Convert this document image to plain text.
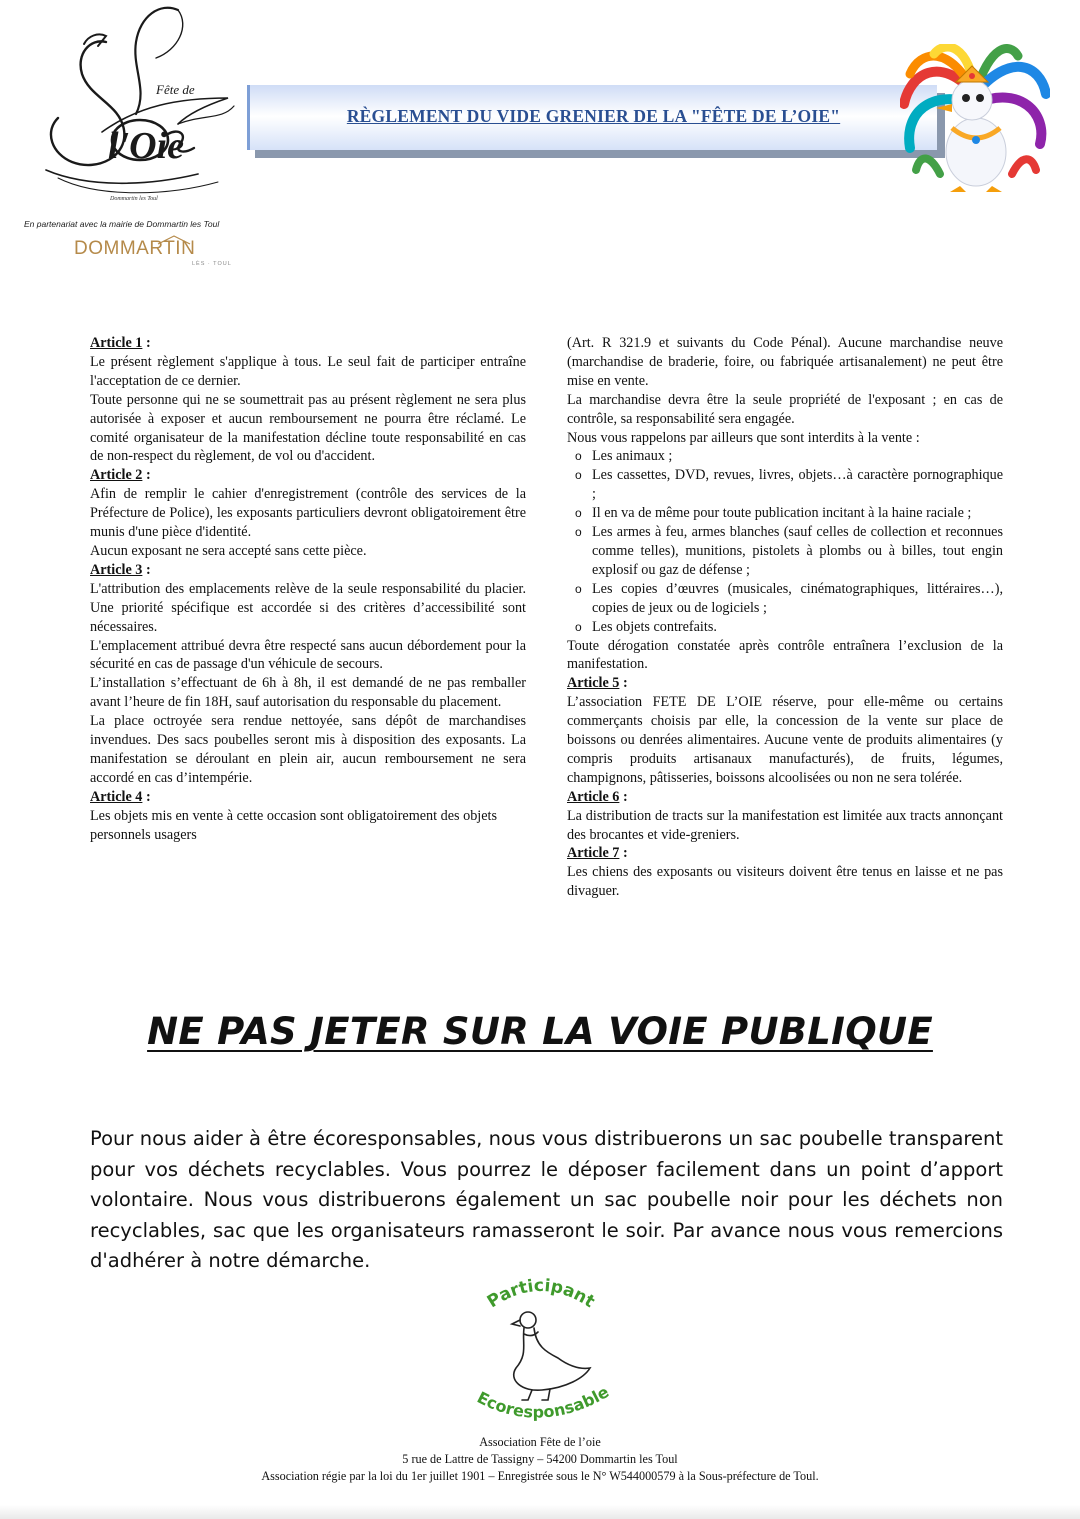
Fête de
Dommartin les Toul
En partenariat avec la mairie de Dommartin les Toul
DOMMARTIN
LÈS · TOUL
RÈGLEMENT DU VIDE GRENIER DE LA "FÊTE DE L’OIE"

Article 1 :

Le présent règlement s'applique à tous. Le seul fait de participer entraîne l'acceptation de ce dernier.

Toute personne qui ne se soumettrait pas au présent règlement ne sera plus autorisée à exposer et aucun remboursement ne pourra être réclamé. Le comité organisateur de la manifestation décline toute responsabilité en cas de non-respect du règlement, de vol ou d'accident.

Article 2 :

Afin de remplir le cahier d'enregistrement (contrôle des services de la Préfecture de Police), les exposants particuliers devront obligatoirement être munis d'une pièce d'identité.

Aucun exposant ne sera accepté sans cette pièce.

Article 3 :

L'attribution des emplacements relève de la seule responsabilité du placier. Une priorité spécifique est accordée si des critères d’accessibilité sont nécessaires.

L'emplacement attribué devra être respecté sans aucun débordement pour la sécurité en cas de passage d'un véhicule de secours.

L’installation s’effectuant de 6h à 8h, il est demandé de ne pas remballer avant l’heure de fin 18H, sauf autorisation du responsable du placement.

La place octroyée sera rendue nettoyée, sans dépôt de marchandises invendues. Des sacs poubelles seront mis à disposition des exposants. La manifestation se déroulant en plein air, aucun remboursement ne sera accordé en cas d’intempérie.

Article 4 :

Les objets mis en vente à cette occasion sont obligatoirement des objets personnels usagers

(Art. R 321.9 et suivants du Code Pénal). Aucune marchandise neuve (marchandise de braderie, foire, ou fabriquée artisanalement) ne peut être mise en vente.

La marchandise devra être la seule propriété de l'exposant ; en cas de contrôle, sa responsabilité sera engagée.

Nous vous rappelons par ailleurs que sont interdits à la vente :

o Les animaux ;
o Les cassettes, DVD, revues, livres, objets…à caractère pornographique ;
o Il en va de même pour toute publication incitant à la haine raciale ;
o Les armes à feu, armes blanches (sauf celles de collection et reconnues comme telles), munitions, pistolets à plombs ou à billes, tout engin explosif ou gaz de défense ;
o Les copies d’œuvres (musicales, cinématographiques, littéraires…), copies de jeux ou de logiciels ;
o Les objets contrefaits.

Toute dérogation constatée après contrôle entraînera l’exclusion de la manifestation.

Article 5 :

L’association FETE DE L’OIE réserve, pour elle-même ou certains commerçants choisis par elle, la concession de la vente sur place de boissons ou denrées alimentaires. Aucune vente de produits alimentaires (y compris produits artisanaux manufacturés), de fruits, légumes, champignons, pâtisseries, boissons alcoolisées ou non ne sera tolérée.

Article 6 :

La distribution de tracts sur la manifestation est limitée aux tracts annonçant des brocantes et vide-greniers.

Article 7 :

Les chiens des exposants ou visiteurs doivent être tenus en laisse et ne pas divaguer.

NE PAS JETER SUR LA VOIE PUBLIQUE
Pour nous aider à être écoresponsables, nous vous distribuerons un sac poubelle transparent pour vos déchets recyclables. Vous pourrez le déposer facilement dans un point d’apport volontaire. Nous vous distribuerons également un sac poubelle noir pour les déchets non recyclables, sac que les organisateurs ramasseront le soir. Par avance nous vous remercions d'adhérer à notre démarche.
Participant
Ecoresponsable
Association Fête de l’oie
5 rue de Lattre de Tassigny – 54200 Dommartin les Toul
Association régie par la loi du 1er juillet 1901 – Enregistrée sous le N° W544000579 à la Sous-préfecture de Toul.
l'Oie
